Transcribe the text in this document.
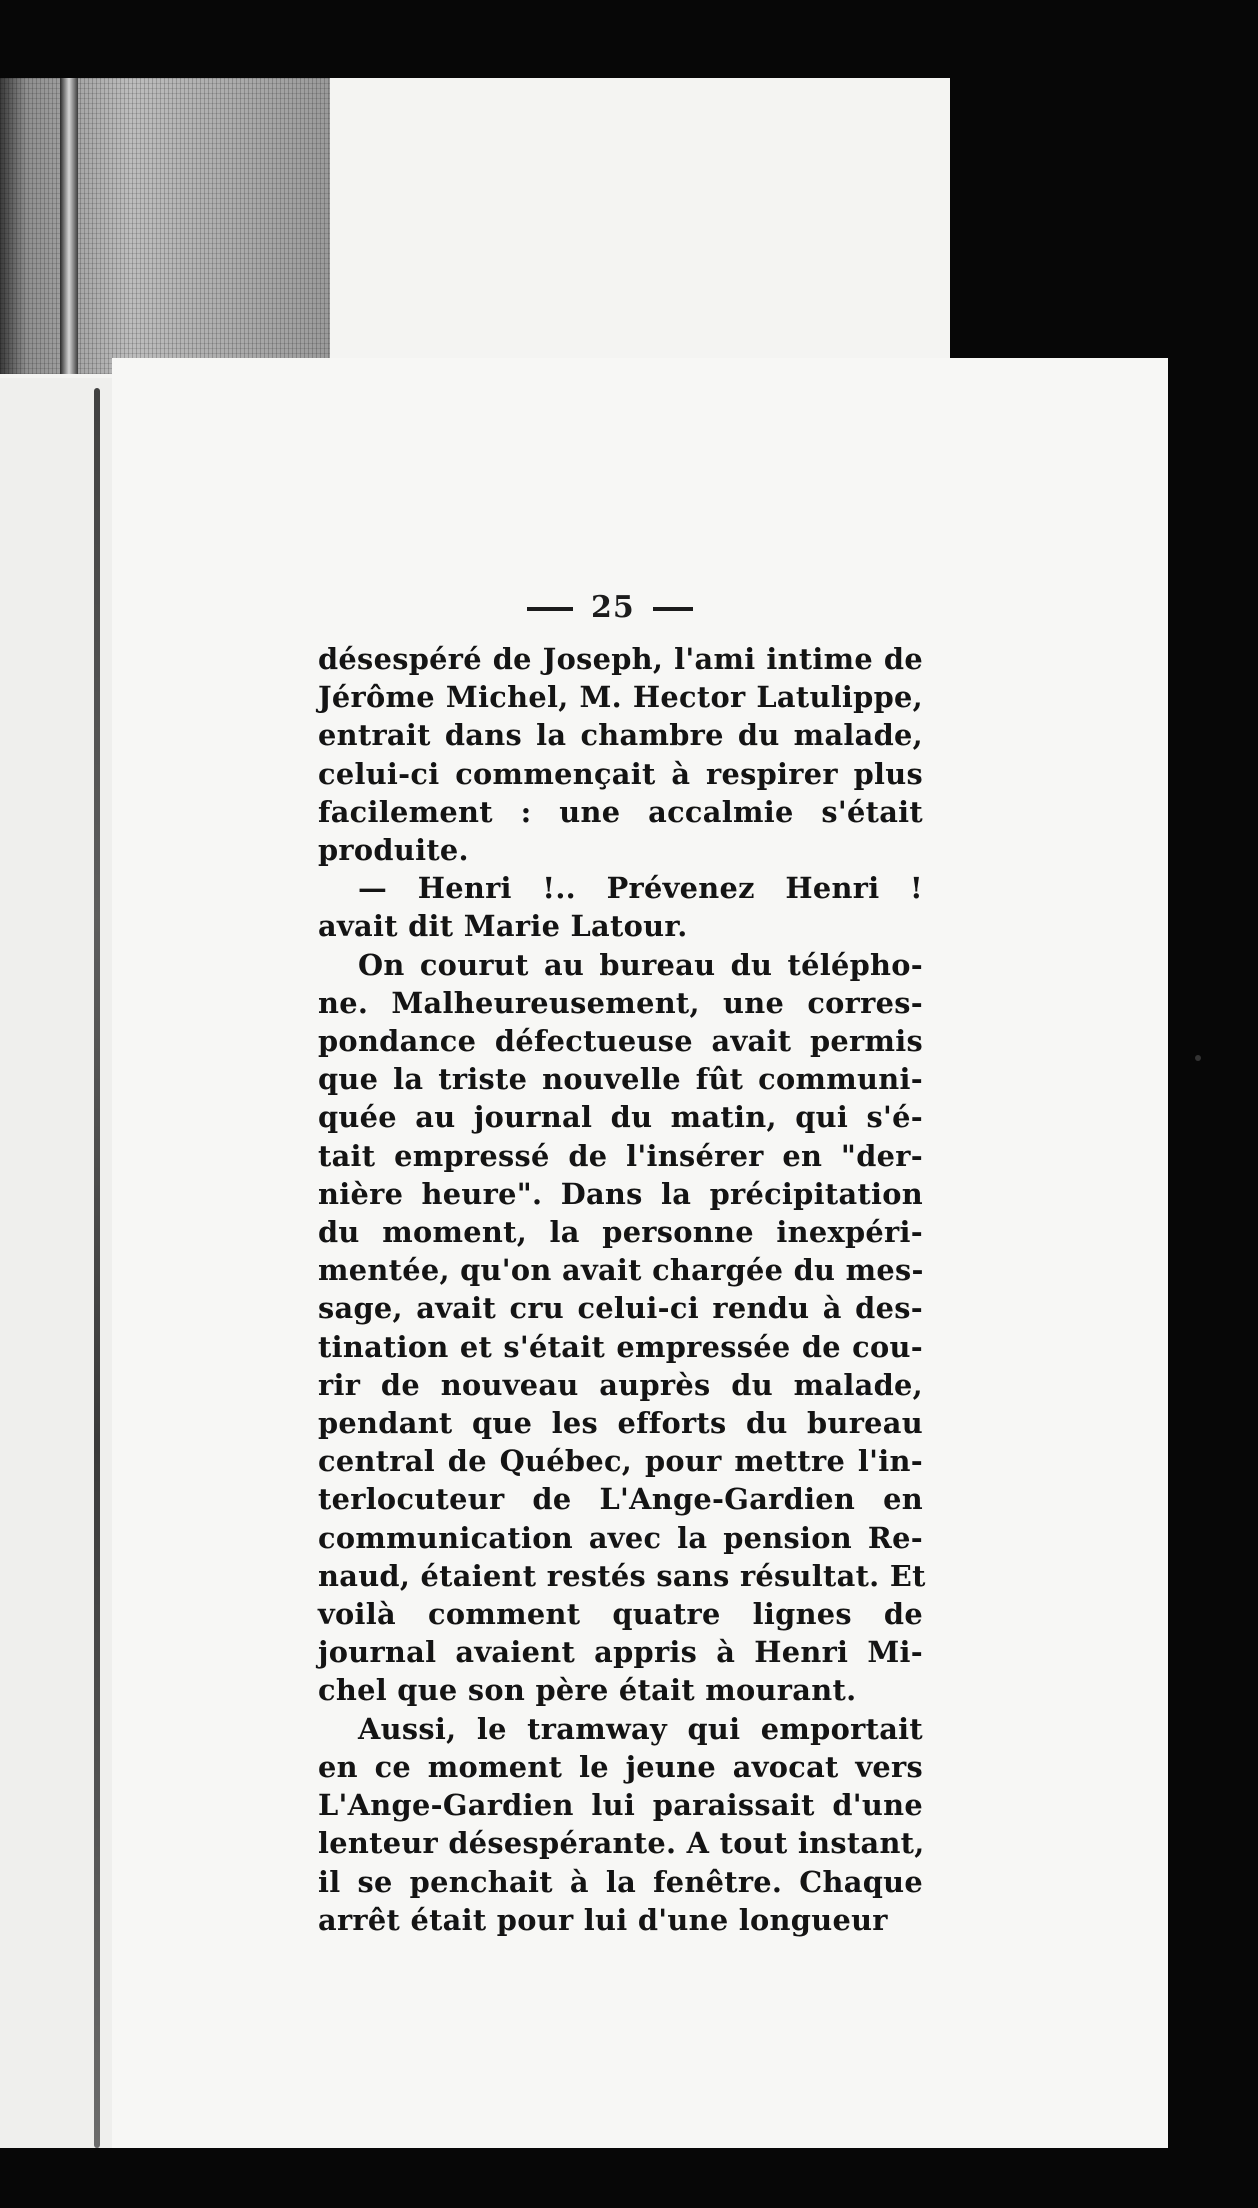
25
désespéré de Joseph, l'ami intime de
Jérôme Michel, M. Hector Latulippe,
entrait dans la chambre du malade,
celui-ci commençait à respirer plus
facilement : une accalmie s'était
produite.
— Henri !.. Prévenez Henri !
avait dit Marie Latour.
On courut au bureau du télépho-
ne. Malheureusement, une corres-
pondance défectueuse avait permis
que la triste nouvelle fût communi-
quée au journal du matin, qui s'é-
tait empressé de l'insérer en "der-
nière heure". Dans la précipitation
du moment, la personne inexpéri-
mentée, qu'on avait chargée du mes-
sage, avait cru celui-ci rendu à des-
tination et s'était empressée de cou-
rir de nouveau auprès du malade,
pendant que les efforts du bureau
central de Québec, pour mettre l'in-
terlocuteur de L'Ange-Gardien en
communication avec la pension Re-
naud, étaient restés sans résultat. Et
voilà comment quatre lignes de
journal avaient appris à Henri Mi-
chel que son père était mourant.
Aussi, le tramway qui emportait
en ce moment le jeune avocat vers
L'Ange-Gardien lui paraissait d'une
lenteur désespérante. A tout instant,
il se penchait à la fenêtre. Chaque
arrêt était pour lui d'une longueur
